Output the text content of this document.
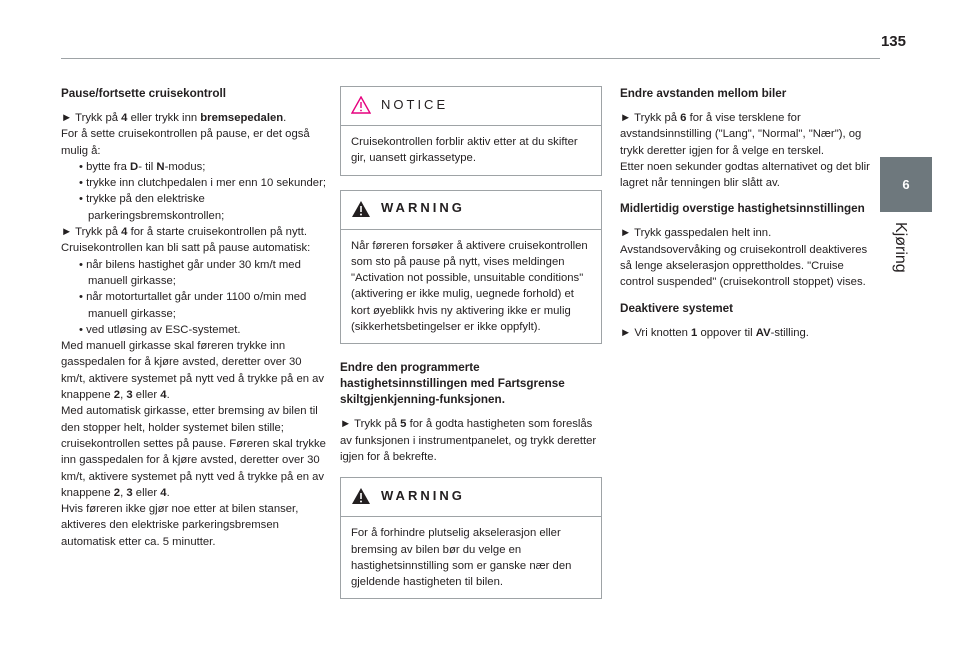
135
6
Kjøring
Pause/fortsette cruisekontroll

► Trykk på 4 eller trykk inn bremsepedalen.

For å sette cruisekontrollen på pause, er det også mulig å:

• bytte fra D- til N-modus;

• trykke inn clutchpedalen i mer enn 10 sekunder;

• trykke på den elektriske parkeringsbremskontrollen;

► Trykk på 4 for å starte cruisekontrollen på nytt. Cruisekontrollen kan bli satt på pause automatisk:

• når bilens hastighet går under 30 km/t med manuell girkasse;

• når motorturtallet går under 1100 o/min med manuell girkasse;

• ved utløsing av ESC-systemet.

Med manuell girkasse skal føreren trykke inn gasspedalen for å kjøre avsted, deretter over 30 km/t, aktivere systemet på nytt ved å trykke på en av knappene 2, 3 eller 4.

Med automatisk girkasse, etter bremsing av bilen til den stopper helt, holder systemet bilen stille; cruisekontrollen settes på pause. Føreren skal trykke inn gasspedalen for å kjøre avsted, deretter over 30 km/t, aktivere systemet på nytt ved å trykke på en av knappene 2, 3 eller 4.

Hvis føreren ikke gjør noe etter at bilen stanser, aktiveres den elektriske parkeringsbremsen automatisk etter ca. 5 minutter.

NOTICE
Cruisekontrollen forblir aktiv etter at du skifter gir, uansett girkassetype.
WARNING
Når føreren forsøker å aktivere cruisekontrollen som sto på pause på nytt, vises meldingen "Activation not possible, unsuitable conditions" (aktivering er ikke mulig, uegnede forhold) et kort øyeblikk hvis ny aktivering ikke er mulig (sikkerhetsbetingelser er ikke oppfylt).
Endre den programmerte hastighetsinnstillingen med Fartsgrense skiltgjenkjenning-funksjonen.

► Trykk på 5 for å godta hastigheten som foreslås av funksjonen i instrumentpanelet, og trykk deretter igjen for å bekrefte.

WARNING
For å forhindre plutselig akselerasjon eller bremsing av bilen bør du velge en hastighetsinnstilling som er ganske nær den gjeldende hastigheten til bilen.
Endre avstanden mellom biler

► Trykk på 6 for å vise tersklene for avstandsinnstilling ("Lang", "Normal", "Nær"), og trykk deretter igjen for å velge en terskel.

Etter noen sekunder godtas alternativet og det blir lagret når tenningen blir slått av.

Midlertidig overstige hastighetsinnstillingen

► Trykk gasspedalen helt inn.

Avstandsovervåking og cruisekontroll deaktiveres så lenge akselerasjon opprettholdes. "Cruise control suspended" (cruisekontroll stoppet) vises.

Deaktivere systemet

► Vri knotten 1 oppover til AV-stilling.
